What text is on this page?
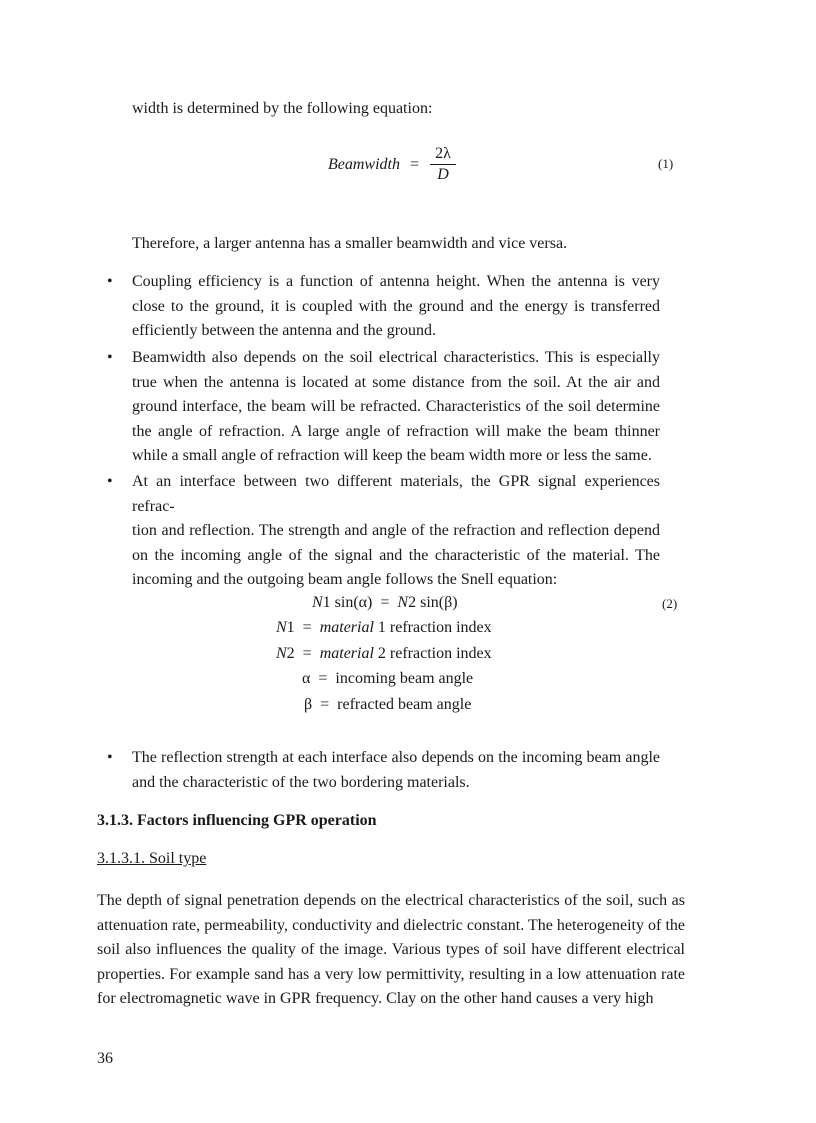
width is determined by the following equation:
Beamwidth =
2λ
D
(1)
Therefore, a larger antenna has a smaller beamwidth and vice versa.
• Coupling efficiency is a function of antenna height. When the antenna is very close to the ground, it is coupled with the ground and the energy is transferred efficiently between the antenna and the ground.
• Beamwidth also depends on the soil electrical characteristics. This is especially true when the antenna is located at some distance from the soil. At the air and ground interface, the beam will be refracted. Characteristics of the soil determine the angle of refraction. A large angle of refraction will make the beam thinner while a small angle of refraction will keep the beam width more or less the same.
• At an interface between two different materials, the GPR signal experiences refrac-
tion and reflection. The strength and angle of the refraction and reflection depend
on the incoming angle of the signal and the characteristic of the material. The
incoming and the outgoing beam angle follows the Snell equation:
N1 sin(α) = N2 sin(β)	(2)
N1 = material 1 refraction index
N2 = material 2 refraction index
α = incoming beam angle
β = refracted beam angle
• The reflection strength at each interface also depends on the incoming beam angle and the characteristic of the two bordering materials.
3.1.3. Factors influencing GPR operation
3.1.3.1. Soil type
The depth of signal penetration depends on the electrical characteristics of the soil, such as attenuation rate, permeability, conductivity and dielectric constant. The heterogeneity of the soil also influences the quality of the image. Various types of soil have different electrical properties. For example sand has a very low permittivity, resulting in a low attenuation rate for electromagnetic wave in GPR frequency. Clay on the other hand causes a very high
36
